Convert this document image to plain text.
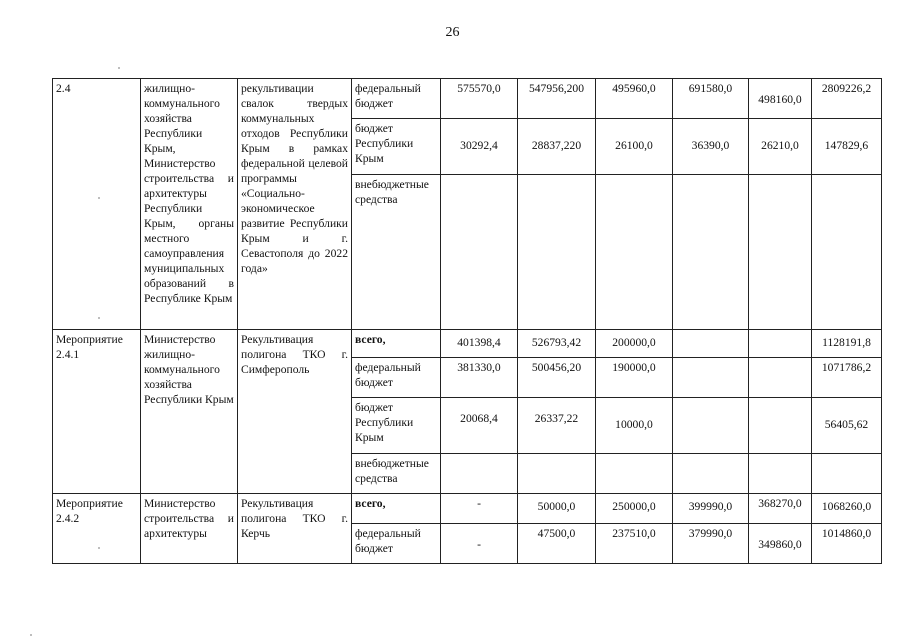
26
2.4	жилищно-коммунального хозяйства Республики Крым, Министерство строительства и архитектуры Республики Крым, органы местного самоуправления муниципальных образований в Республике Крым	рекультивации свалок твердых коммунальных отходов Республики Крым в рамках федеральной целевой программы «Социально-экономическое развитие Республики Крым и г. Севастополя до 2022 года»	федеральный бюджет	575570,0	547956,200	495960,0	691580,0	498160,0	2809226,2
			бюджет Республики Крым	30292,4	28837,220	26100,0	36390,0	26210,0	147829,6
			внебюджетные средства						
Мероприятие 2.4.1	Министерство жилищно-коммунального хозяйства Республики Крым	Рекультивация полигона ТКО г. Симферополь	всего,	401398,4	526793,42	200000,0			1128191,8
			федеральный бюджет	381330,0	500456,20	190000,0			1071786,2
			бюджет Республики Крым	20068,4	26337,22	10000,0			56405,62
			внебюджетные средства						
Мероприятие 2.4.2	Министерство строительства и архитектуры	Рекультивация полигона ТКО г. Керчь	всего,	-	50000,0	250000,0	399990,0	368270,0	1068260,0
			федеральный бюджет	-	47500,0	237510,0	379990,0	349860,0	1014860,0
